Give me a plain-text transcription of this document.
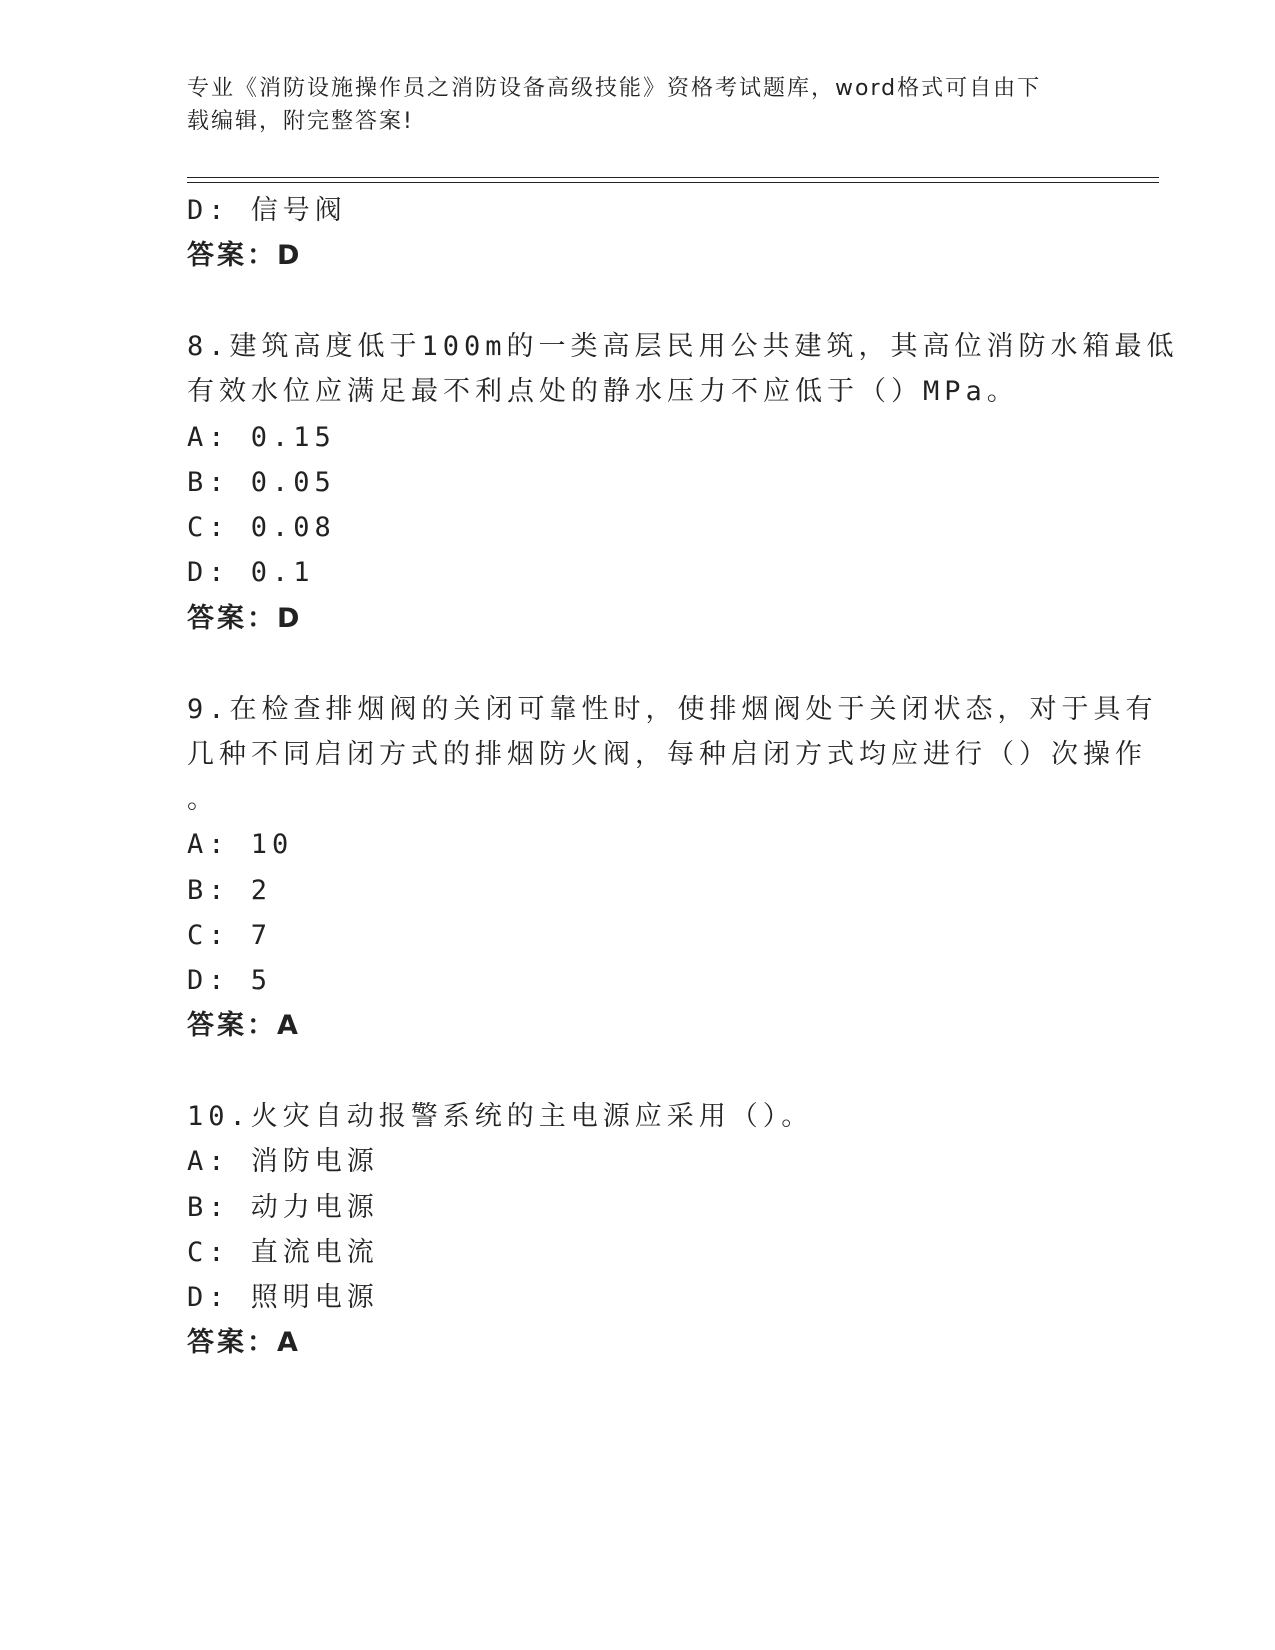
专业《消防设施操作员之消防设备高级技能》资格考试题库，word格式可自由下
载编辑，附完整答案!
D: 信号阀
答案：D
8.建筑高度低于100m的一类高层民用公共建筑，其高位消防水箱最低
有效水位应满足最不利点处的静水压力不应低于（）MPa。
A: 0.15
B: 0.05
C: 0.08
D: 0.1
答案：D
9.在检查排烟阀的关闭可靠性时，使排烟阀处于关闭状态，对于具有
几种不同启闭方式的排烟防火阀，每种启闭方式均应进行（）次操作
。
A: 10
B: 2
C: 7
D: 5
答案：A
10.火灾自动报警系统的主电源应采用（）。
A: 消防电源
B: 动力电源
C: 直流电流
D: 照明电源
答案：A
